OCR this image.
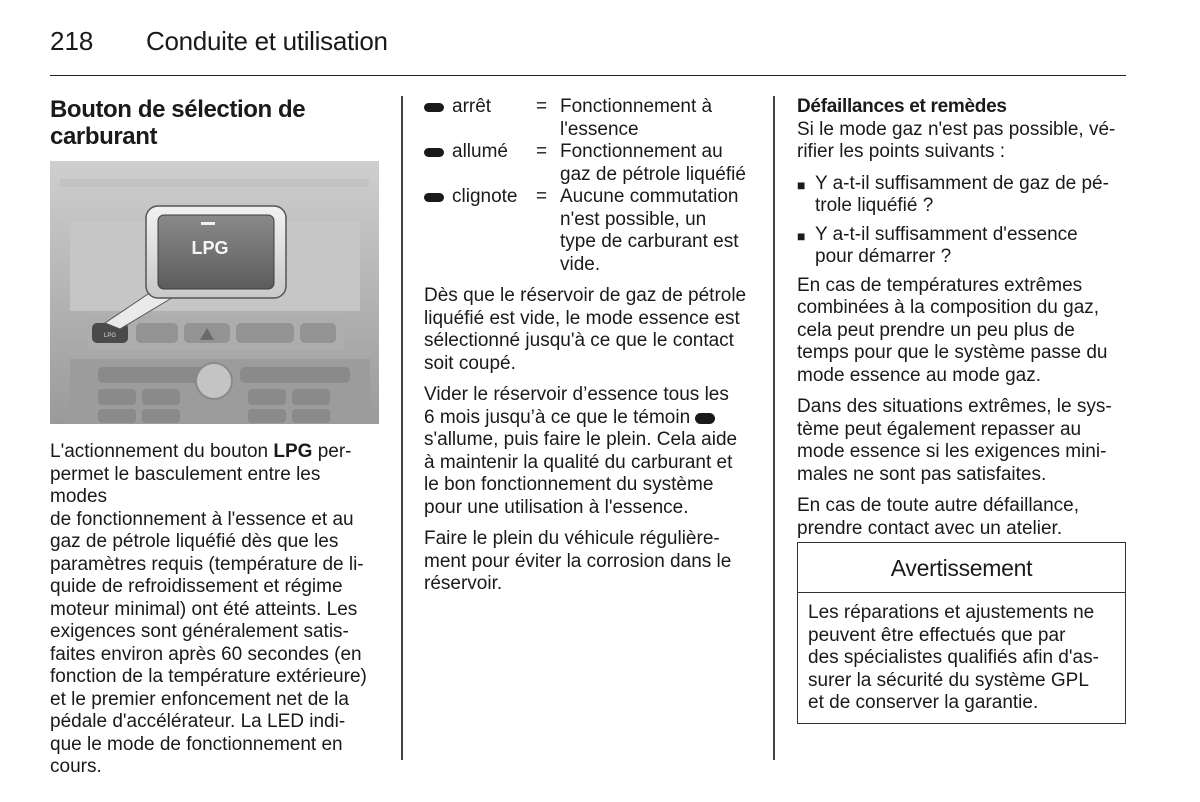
218 Conduite et utilisation
Bouton de sélection de
carburant
LPG
LPG
L'actionnement du bouton LPG per-
permet le basculement entre les modes
de fonctionnement à l'essence et au
gaz de pétrole liquéfié dès que les
paramètres requis (température de li-
quide de refroidissement et régime
moteur minimal) ont été atteints. Les
exigences sont généralement satis-
faites environ après 60 secondes (en
fonction de la température extérieure)
et le premier enfoncement net de la
pédale d'accélérateur. La LED indi-
que le mode de fonctionnement en
cours.
arrêt = Fonctionnement à
l'essence
allumé = Fonctionnement au
gaz de pétrole liquéfié
clignote = Aucune commutation
n'est possible, un
type de carburant est
vide.

Dès que le réservoir de gaz de pétrole
liquéfié est vide, le mode essence est
sélectionné jusqu'à ce que le contact
soit coupé.

Vider le réservoir d’essence tous les
6 mois jusqu’à ce que le témoin
s'allume, puis faire le plein. Cela aide
à maintenir la qualité du carburant et
le bon fonctionnement du système
pour une utilisation à l'essence.

Faire le plein du véhicule régulière-
ment pour éviter la corrosion dans le
réservoir.

Défaillances et remèdes

Si le mode gaz n'est pas possible, vé-
rifier les points suivants :

■ Y a-t-il suffisamment de gaz de pé-
trole liquéfié ?
■ Y a-t-il suffisamment d'essence
pour démarrer ?

En cas de températures extrêmes
combinées à la composition du gaz,
cela peut prendre un peu plus de
temps pour que le système passe du
mode essence au mode gaz.

Dans des situations extrêmes, le sys-
tème peut également repasser au
mode essence si les exigences mini-
males ne sont pas satisfaites.

En cas de toute autre défaillance,
prendre contact avec un atelier.

Avertissement
Les réparations et ajustements ne
peuvent être effectués que par
des spécialistes qualifiés afin d'as-
surer la sécurité du système GPL
et de conserver la garantie.
